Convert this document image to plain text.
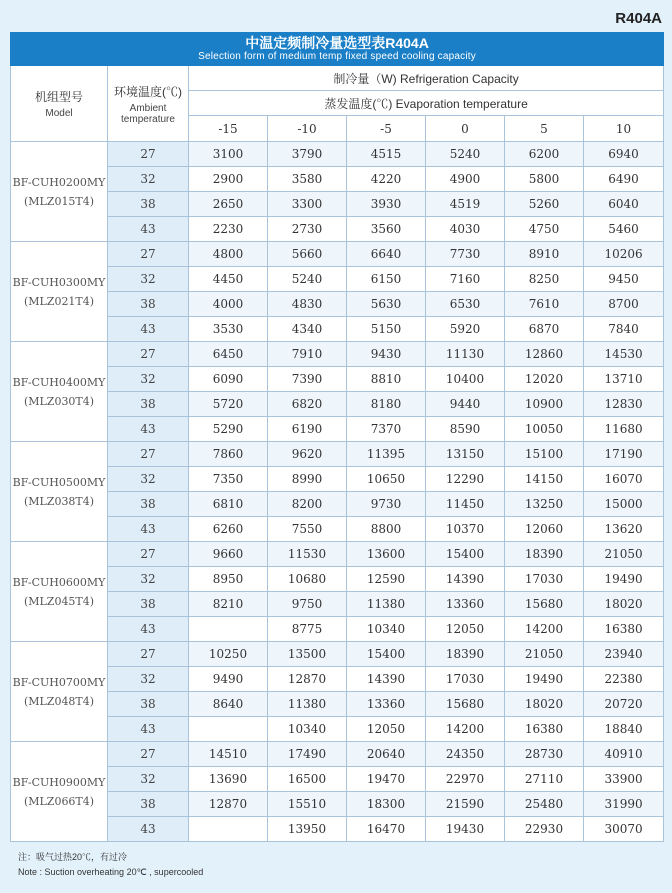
R404A
中温定频制冷量选型表R404A
Selection form of medium temp fixed speed cooling capacity							

机组型号
Model	环境温度(℃)
Ambient temperature	制冷量（W) Refrigeration Capacity					
		蒸发温度(℃) Evaporation temperature					
		-15	-10	-5	0	5	10

BF-CUH0200MY
(MLZ015T4)	27	3100	3790	4515	5240	6200	6940
	32	2900	3580	4220	4900	5800	6490
	38	2650	3300	3930	4519	5260	6040
	43	2230	2730	3560	4030	4750	5460

BF-CUH0300MY
(MLZ021T4)	27	4800	5660	6640	7730	8910	10206
	32	4450	5240	6150	7160	8250	9450
	38	4000	4830	5630	6530	7610	8700
	43	3530	4340	5150	5920	6870	7840

BF-CUH0400MY
(MLZ030T4)	27	6450	7910	9430	11130	12860	14530
	32	6090	7390	8810	10400	12020	13710
	38	5720	6820	8180	9440	10900	12830
	43	5290	6190	7370	8590	10050	11680

BF-CUH0500MY
(MLZ038T4)	27	7860	9620	11395	13150	15100	17190
	32	7350	8990	10650	12290	14150	16070
	38	6810	8200	9730	11450	13250	15000
	43	6260	7550	8800	10370	12060	13620

BF-CUH0600MY
(MLZ045T4)	27	9660	11530	13600	15400	18390	21050
	32	8950	10680	12590	14390	17030	19490
	38	8210	9750	11380	13360	15680	18020
	43		8775	10340	12050	14200	16380

BF-CUH0700MY
(MLZ048T4)	27	10250	13500	15400	18390	21050	23940
	32	9490	12870	14390	17030	19490	22380
	38	8640	11380	13360	15680	18020	20720
	43		10340	12050	14200	16380	18840

BF-CUH0900MY
(MLZ066T4)	27	14510	17490	20640	24350	28730	40910
	32	13690	16500	19470	22970	27110	33900
	38	12870	15510	18300	21590	25480	31990
	43		13950	16470	19430	22930	30070
注：吸气过热20℃，有过冷
Note : Suction overheating 20℃ , supercooled
